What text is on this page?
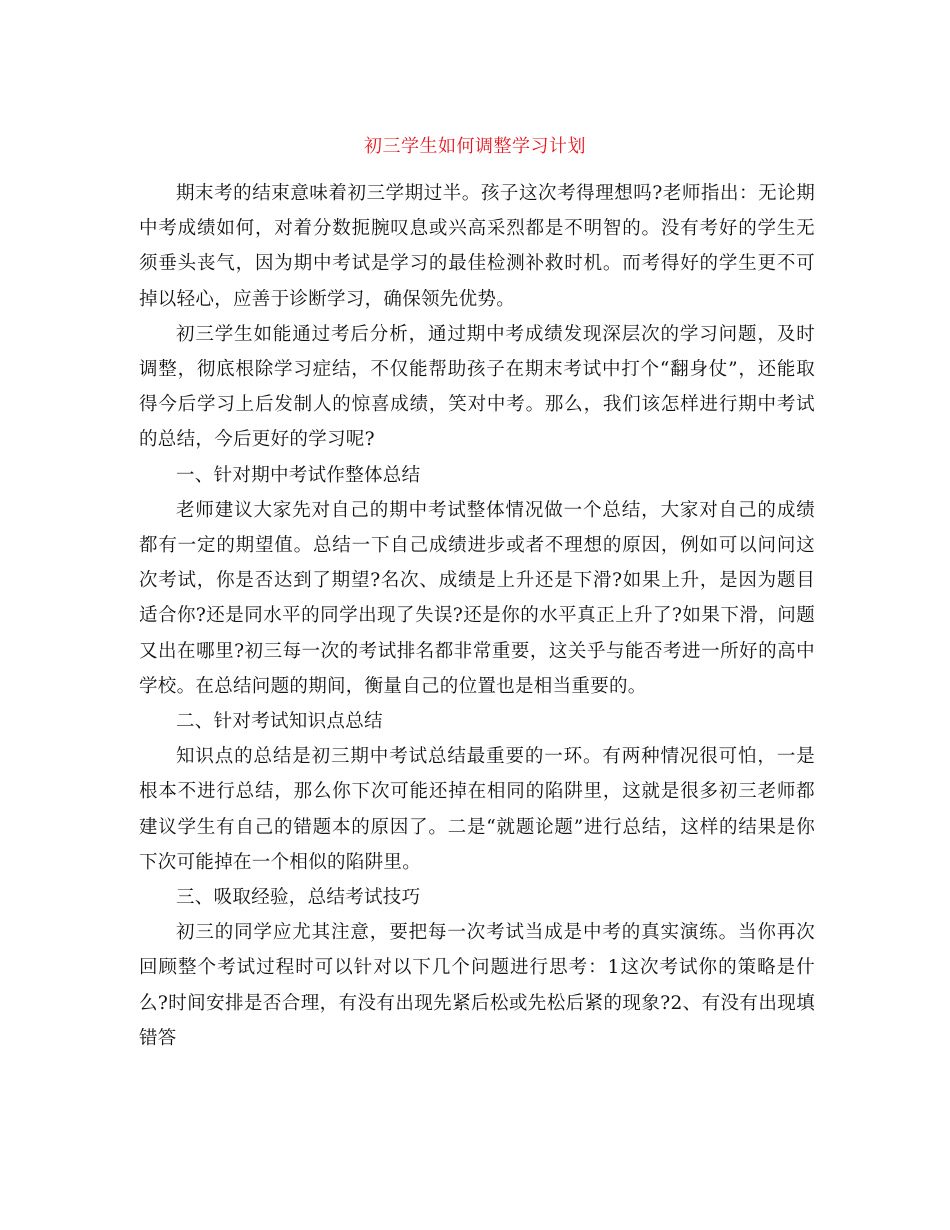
初三学生如何调整学习计划

期末考的结束意味着初三学期过半。孩子这次考得理想吗?老师指出：无论期中考成绩如何，对着分数扼腕叹息或兴高采烈都是不明智的。没有考好的学生无须垂头丧气，因为期中考试是学习的最佳检测补救时机。而考得好的学生更不可掉以轻心，应善于诊断学习，确保领先优势。

初三学生如能通过考后分析，通过期中考成绩发现深层次的学习问题，及时调整，彻底根除学习症结，不仅能帮助孩子在期末考试中打个“翻身仗”，还能取得今后学习上后发制人的惊喜成绩，笑对中考。那么，我们该怎样进行期中考试的总结，今后更好的学习呢?

一、针对期中考试作整体总结

老师建议大家先对自己的期中考试整体情况做一个总结，大家对自己的成绩都有一定的期望值。总结一下自己成绩进步或者不理想的原因，例如可以问问这次考试，你是否达到了期望?名次、成绩是上升还是下滑?如果上升，是因为题目适合你?还是同水平的同学出现了失误?还是你的水平真正上升了?如果下滑，问题又出在哪里?初三每一次的考试排名都非常重要，这关乎与能否考进一所好的高中学校。在总结问题的期间，衡量自己的位置也是相当重要的。

二、针对考试知识点总结

知识点的总结是初三期中考试总结最重要的一环。有两种情况很可怕，一是根本不进行总结，那么你下次可能还掉在相同的陷阱里，这就是很多初三老师都建议学生有自己的错题本的原因了。二是“就题论题”进行总结，这样的结果是你下次可能掉在一个相似的陷阱里。

三、吸取经验，总结考试技巧

初三的同学应尤其注意，要把每一次考试当成是中考的真实演练。当你再次回顾整个考试过程时可以针对以下几个问题进行思考：1这次考试你的策略是什么?时间安排是否合理，有没有出现先紧后松或先松后紧的现象?2、有没有出现填错答
